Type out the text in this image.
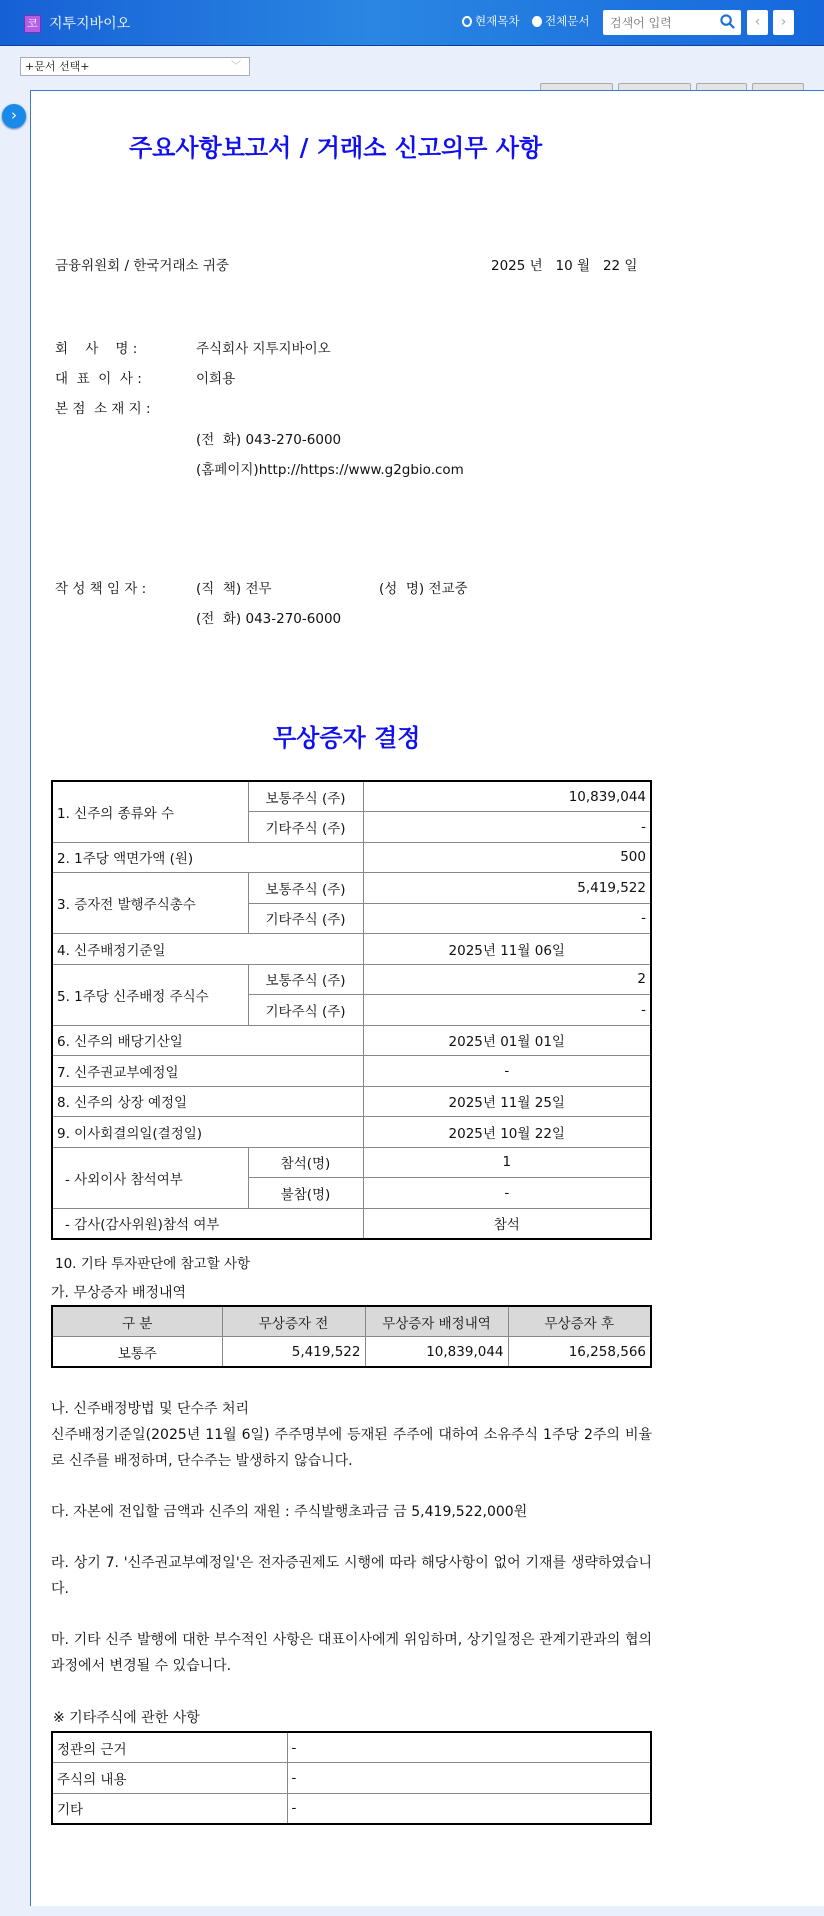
코 지투지바이오	현재목차 전체문서
검색어 입력	‹	›
+문서 선택+	﹀
›
주요사항보고서 / 거래소 신고의무 사항
금융위원회 / 한국거래소 귀중	2025 년   10 월   22 일
회    사    명 :	주식회사 지투지바이오
대  표  이  사 :	이희용
본 점  소 재 지 :
(전  화) 043-270-6000
(홈페이지)http://https://www.g2gbio.com
작 성 책 임 자 :	(직  책) 전무	(성  명) 전교중
(전  화) 043-270-6000
무상증자 결정
1. 신주의 종류와 수	보통주식 (주)	10,839,044
	기타주식 (주)	-
2. 1주당 액면가액 (원)		500
3. 증자전 발행주식총수	보통주식 (주)	5,419,522
	기타주식 (주)	-
4. 신주배정기준일		2025년 11월 06일
5. 1주당 신주배정 주식수	보통주식 (주)	2
	기타주식 (주)	-
6. 신주의 배당기산일		2025년 01월 01일
7. 신주권교부예정일		-
8. 신주의 상장 예정일		2025년 11월 25일
9. 이사회결의일(결정일)		2025년 10월 22일
- 사외이사 참석여부	참석(명)	1
	불참(명)	-
- 감사(감사위원)참석 여부		참석
10. 기타 투자판단에 참고할 사항
가. 무상증자 배정내역
구 분	무상증자 전	무상증자 배정내역	무상증자 후
보통주	5,419,522	10,839,044	16,258,566
나. 신주배정방법 및 단수주 처리
신주배정기준일(2025년 11월 6일) 주주명부에 등재된 주주에 대하여 소유주식 1주당 2주의 비율로 신주를 배정하며, 단수주는 발생하지 않습니다.
다. 자본에 전입할 금액과 신주의 재원 : 주식발행초과금 금 5,419,522,000원
라. 상기 7. '신주권교부예정일'은 전자증권제도 시행에 따라 해당사항이 없어 기재를 생략하였습니다.
마. 기타 신주 발행에 대한 부수적인 사항은 대표이사에게 위임하며, 상기일정은 관계기관과의 협의 과정에서 변경될 수 있습니다.
※ 기타주식에 관한 사항
정관의 근거	-
주식의 내용	-
기타	-
